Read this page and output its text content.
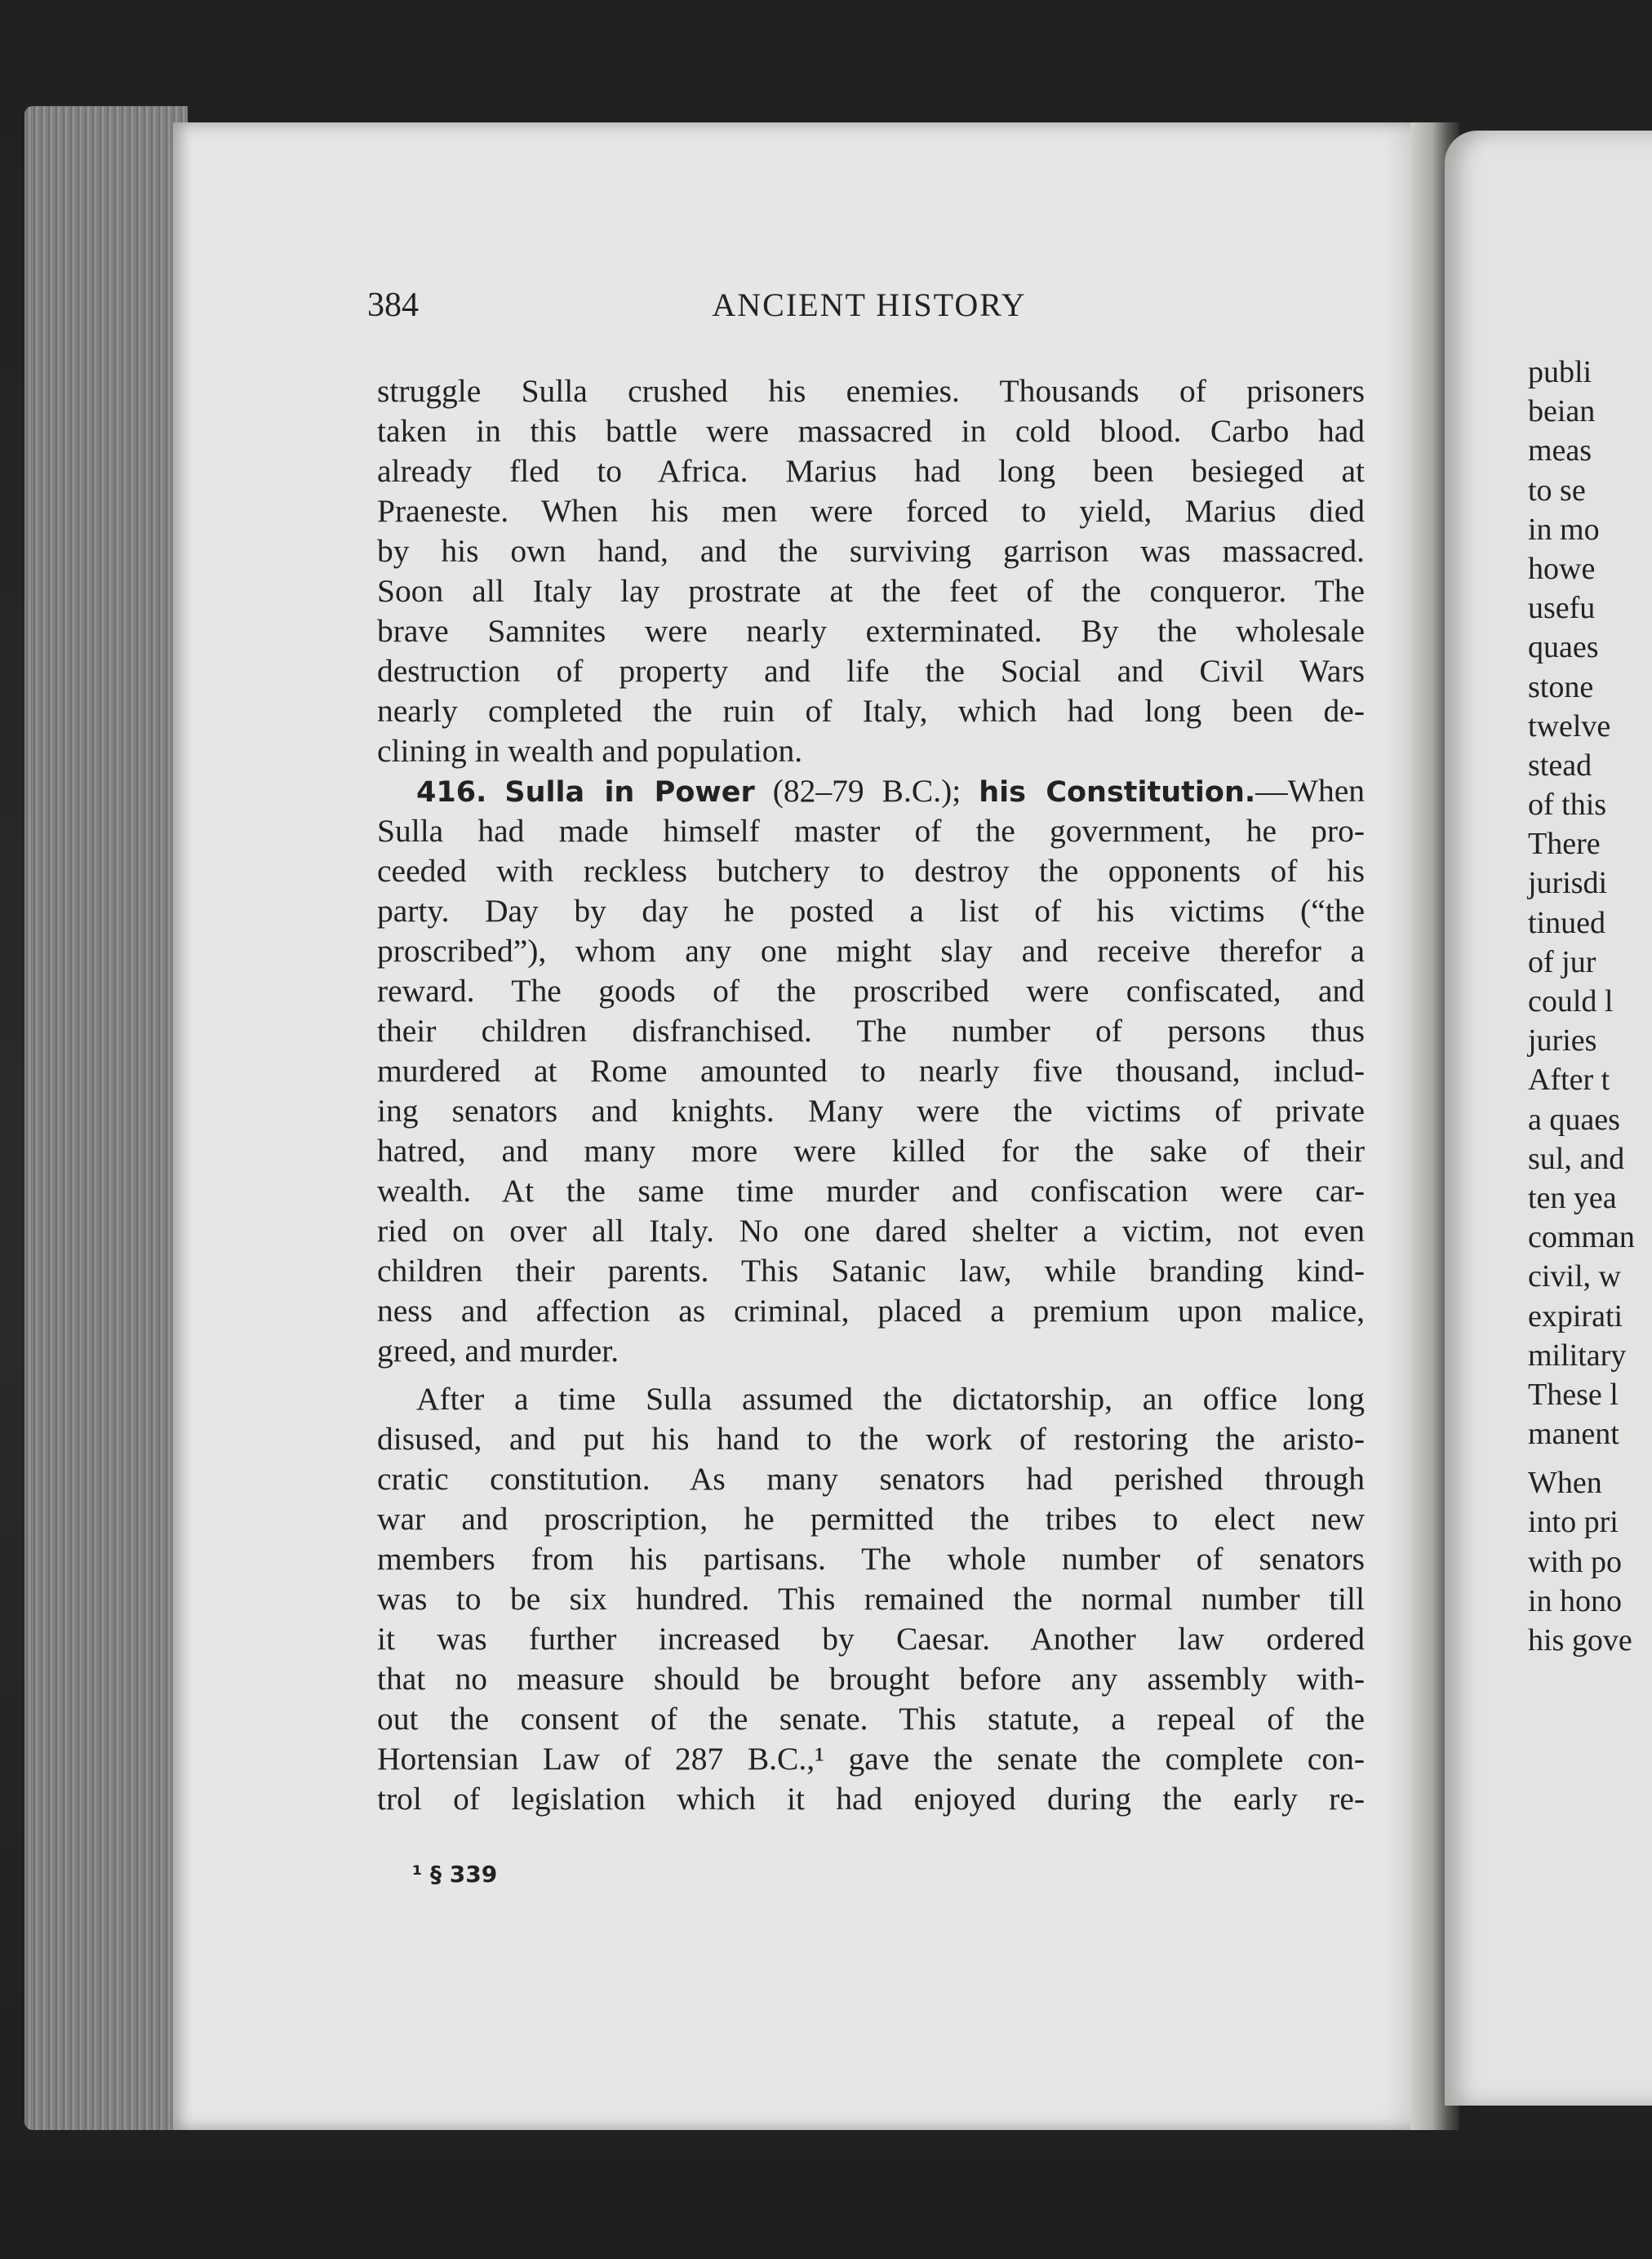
384	ANCIENT HISTORY
struggle Sulla crushed his enemies. Thousands of prisoners
taken in this battle were massacred in cold blood. Carbo had
already fled to Africa. Marius had long been besieged at
Praeneste. When his men were forced to yield, Marius died
by his own hand, and the surviving garrison was massacred.
Soon all Italy lay prostrate at the feet of the conqueror. The
brave Samnites were nearly exterminated. By the wholesale
destruction of property and life the Social and Civil Wars
nearly completed the ruin of Italy, which had long been de-
clining in wealth and population.
416. Sulla in Power (82–79 B.C.); his Constitution.—When
Sulla had made himself master of the government, he pro-
ceeded with reckless butchery to destroy the opponents of his
party. Day by day he posted a list of his victims (“the
proscribed”), whom any one might slay and receive therefor a
reward. The goods of the proscribed were confiscated, and
their children disfranchised. The number of persons thus
murdered at Rome amounted to nearly five thousand, includ-
ing senators and knights. Many were the victims of private
hatred, and many more were killed for the sake of their
wealth. At the same time murder and confiscation were car-
ried on over all Italy. No one dared shelter a victim, not even
children their parents. This Satanic law, while branding kind-
ness and affection as criminal, placed a premium upon malice,
greed, and murder.
After a time Sulla assumed the dictatorship, an office long
disused, and put his hand to the work of restoring the aristo-
cratic constitution. As many senators had perished through
war and proscription, he permitted the tribes to elect new
members from his partisans. The whole number of senators
was to be six hundred. This remained the normal number till
it was further increased by Caesar. Another law ordered
that no measure should be brought before any assembly with-
out the consent of the senate. This statute, a repeal of the
Hortensian Law of 287 B.C.,¹ gave the senate the complete con-
trol of legislation which it had enjoyed during the early re-
¹ § 339
publi
beian
meas
to se
in mo
howe
usefu
quaes
stone
twelve
stead
of this
There
jurisdi
tinued
of jur
could l
juries
After t
a quaes
sul, and
ten yea
comman
civil, w
expirati
military
These l
manent
When
into pri
with po
in hono
his gove
